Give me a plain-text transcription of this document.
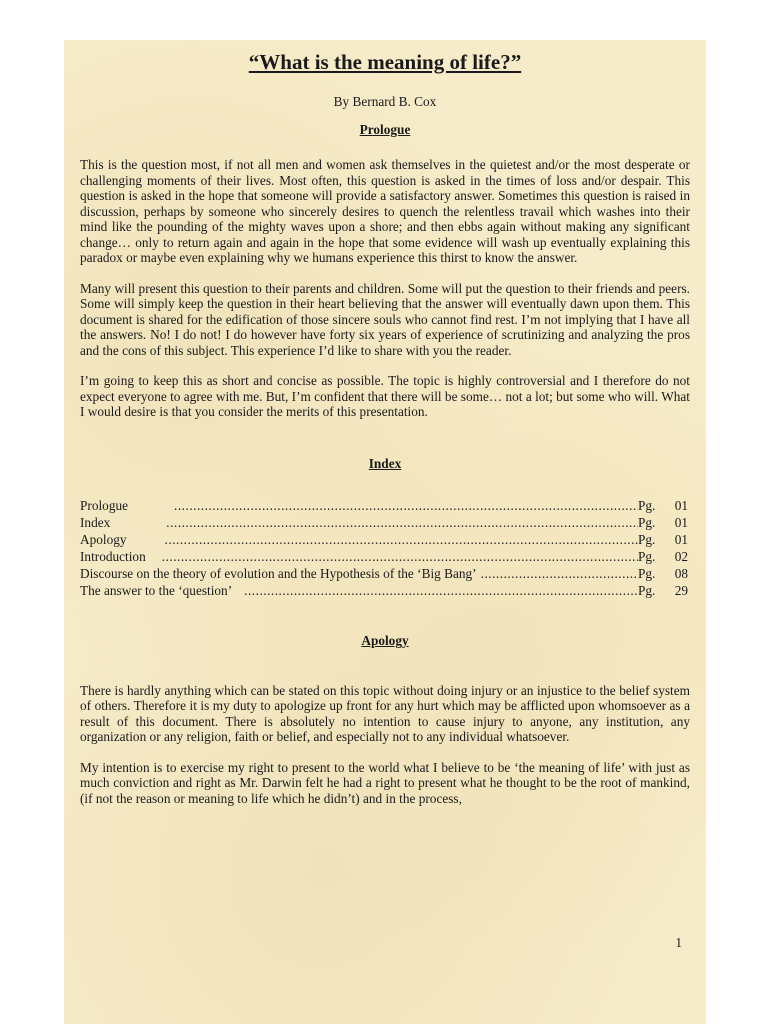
“What is the meaning of life?”
By Bernard B. Cox
Prologue

This is the question most, if not all men and women ask themselves in the quietest and/or the most desperate or challenging moments of their lives. Most often, this question is asked in the times of loss and/or despair. This question is asked in the hope that someone will provide a satisfactory answer. Sometimes this question is raised in discussion, perhaps by someone who sincerely desires to quench the relentless travail which washes into their mind like the pounding of the mighty waves upon a shore; and then ebbs again without making any significant change… only to return again and again in the hope that some evidence will wash up eventually explaining this paradox or maybe even explaining why we humans experience this thirst to know the answer.

Many will present this question to their parents and children. Some will put the question to their friends and peers. Some will simply keep the question in their heart believing that the answer will eventually dawn upon them. This document is shared for the edification of those sincere souls who cannot find rest. I’m not implying that I have all the answers. No! I do not! I do however have forty six years of experience of scrutinizing and analyzing the pros and the cons of this subject. This experience I’d like to share with you the reader.

I’m going to keep this as short and concise as possible. The topic is highly controversial and I therefore do not expect everyone to agree with me. But, I’m confident that there will be some… not a lot; but some who will. What I would desire is that you consider the merits of this presentation.

Index
Prologue .....	Pg.	01
Index .....	Pg.	01
Apology .....	Pg.	01
Introduction .....	Pg.	02
Discourse on the theory of evolution and the Hypothesis of the ‘Big Bang’ .....	Pg.	08
The answer to the ‘question’ .....	Pg.	29
Apology

There is hardly anything which can be stated on this topic without doing injury or an injustice to the belief system of others. Therefore it is my duty to apologize up front for any hurt which may be afflicted upon whomsoever as a result of this document. There is absolutely no intention to cause injury to anyone, any institution, any organization or any religion, faith or belief, and especially not to any individual whatsoever.

My intention is to exercise my right to present to the world what I believe to be ‘the meaning of life’ with just as much conviction and right as Mr. Darwin felt he had a right to present what he thought to be the root of mankind, (if not the reason or meaning to life which he didn’t) and in the process,

1
